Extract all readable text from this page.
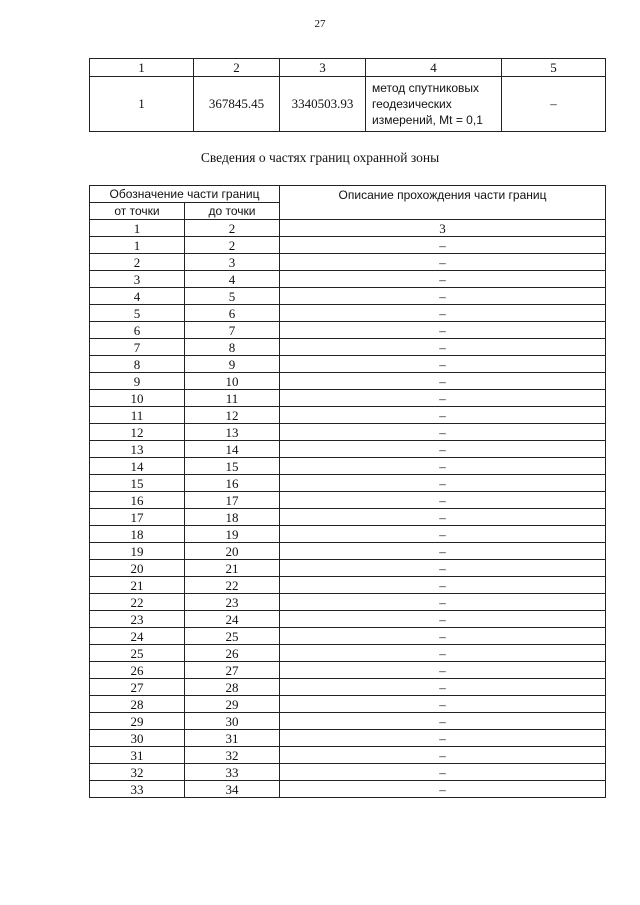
27
1	2	3	4	5
1	367845.45	3340503.93	метод спутниковых
геодезических
измерений, Mt = 0,1	–
Сведения о частях границ охранной зоны
Обозначение части границ		Описание прохождения части границ
от точки	до точки	
1	2	3
1	2	–
2	3	–
3	4	–
4	5	–
5	6	–
6	7	–
7	8	–
8	9	–
9	10	–
10	11	–
11	12	–
12	13	–
13	14	–
14	15	–
15	16	–
16	17	–
17	18	–
18	19	–
19	20	–
20	21	–
21	22	–
22	23	–
23	24	–
24	25	–
25	26	–
26	27	–
27	28	–
28	29	–
29	30	–
30	31	–
31	32	–
32	33	–
33	34	–
